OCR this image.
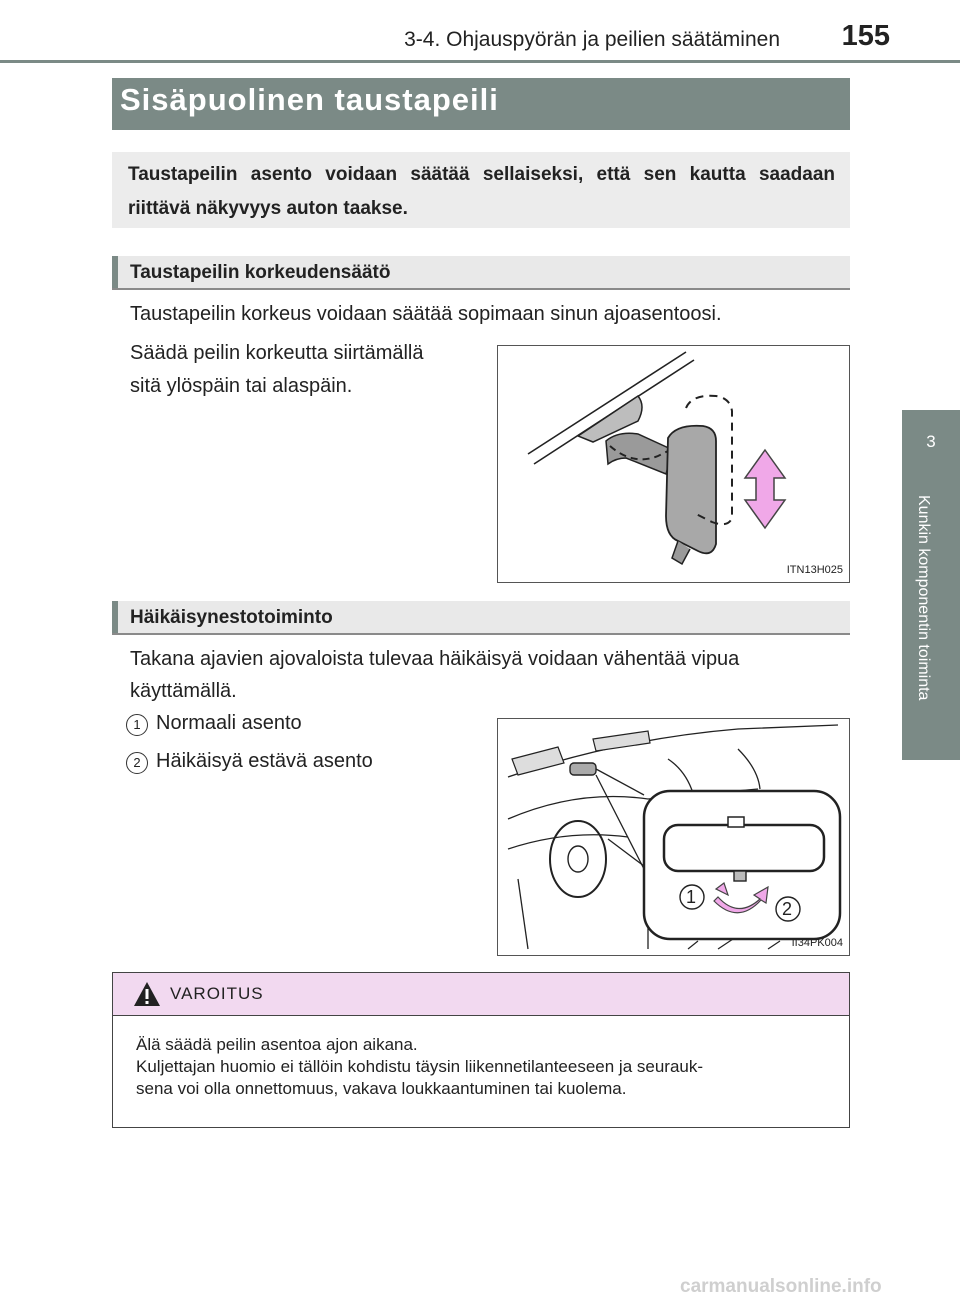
3-4. Ohjauspyörän ja peilien säätäminen	155
3
Kunkin komponentin toiminta
Sisäpuolinen taustapeili
Taustapeilin asento voidaan säätää sellaiseksi, että sen kautta saadaan riittävä näkyvyys auton taakse.
Taustapeilin korkeudensäätö
Taustapeilin korkeus voidaan säätää sopimaan sinun ajoasentoosi.
Säädä peilin korkeutta siirtämällä
sitä ylöspäin tai alaspäin.
ITN13H025
Häikäisynestotoiminto
Takana ajavien ajovaloista tulevaa häikäisyä voidaan vähentää vipua
käyttämällä.
1 Normaali asento
2 Häikäisyä estävä asento
1
2
II34PK004
VAROITUS
Älä säädä peilin asentoa ajon aikana.
Kuljettajan huomio ei tällöin kohdistu täysin liikennetilanteeseen ja seurauk-
sena voi olla onnettomuus, vakava loukkaantuminen tai kuolema.
carmanualsonline.info
